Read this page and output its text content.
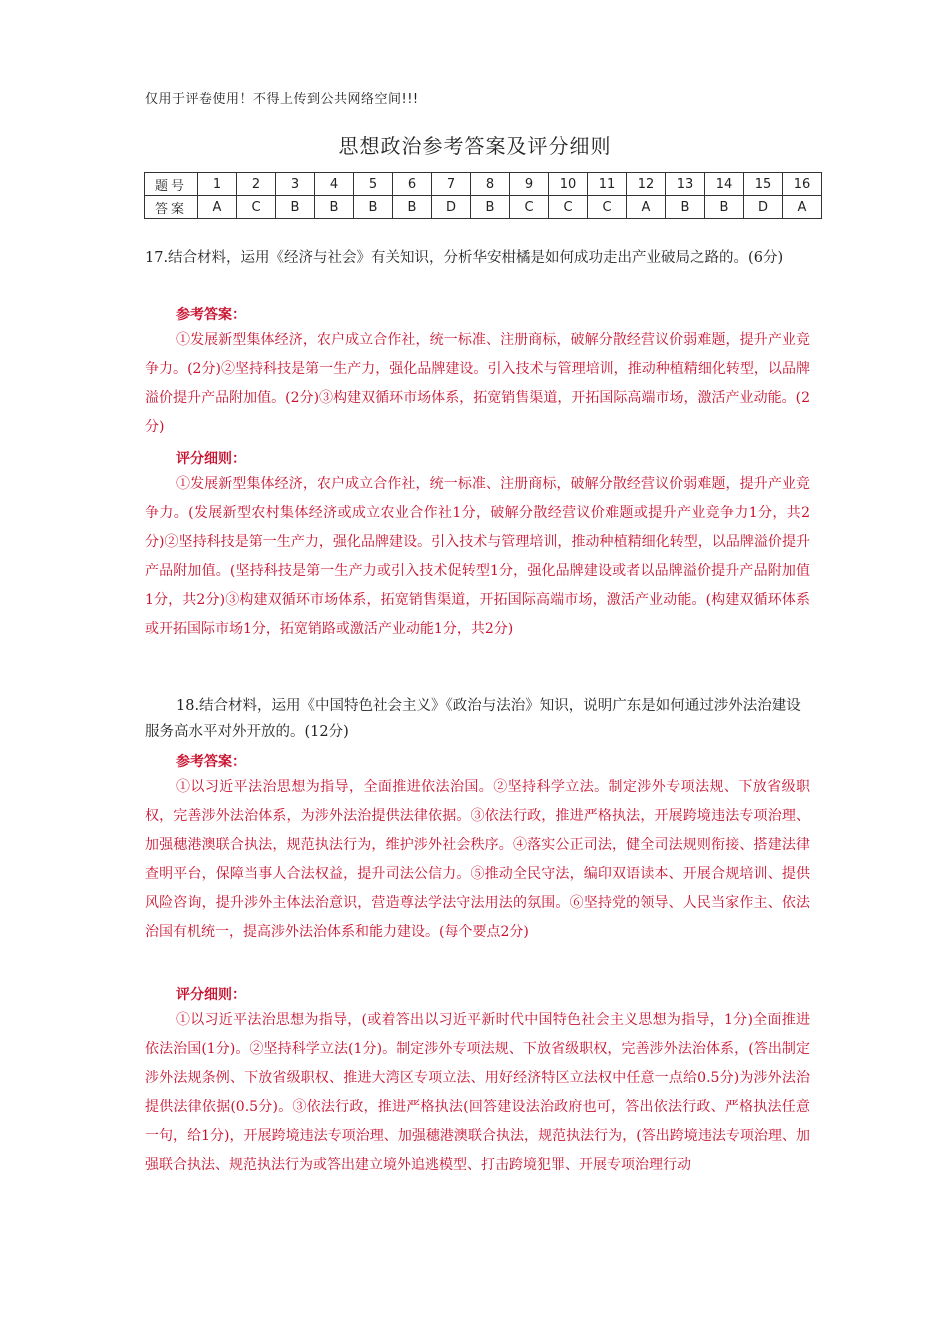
仅用于评卷使用！不得上传到公共网络空间!!!
思想政治参考答案及评分细则
题号	1	2	3	4	5	6	7	8	9	10	11	12	13	14	15	16
答案	A	C	B	B	B	B	D	B	C	C	C	A	B	B	D	A
17.结合材料，运用《经济与社会》有关知识，分析华安柑橘是如何成功走出产业破局之路的。(6分)
参考答案：
①发展新型集体经济，农户成立合作社，统一标准、注册商标，破解分散经营议价弱难题，提升产业竞争力。(2分)②坚持科技是第一生产力，强化品牌建设。引入技术与管理培训，推动种植精细化转型，以品牌溢价提升产品附加值。(2分)③构建双循环市场体系，拓宽销售渠道，开拓国际高端市场，激活产业动能。(2分)
评分细则：
①发展新型集体经济，农户成立合作社，统一标准、注册商标，破解分散经营议价弱难题，提升产业竞争力。(发展新型农村集体经济或成立农业合作社1分，破解分散经营议价难题或提升产业竞争力1分，共2分)②坚持科技是第一生产力，强化品牌建设。引入技术与管理培训，推动种植精细化转型，以品牌溢价提升产品附加值。(坚持科技是第一生产力或引入技术促转型1分，强化品牌建设或者以品牌溢价提升产品附加值1分，共2分)③构建双循环市场体系，拓宽销售渠道，开拓国际高端市场，激活产业动能。(构建双循环体系或开拓国际市场1分，拓宽销路或激活产业动能1分，共2分)
18.结合材料，运用《中国特色社会主义》《政治与法治》知识，说明广东是如何通过涉外法治建设服务高水平对外开放的。(12分)
参考答案：
①以习近平法治思想为指导，全面推进依法治国。②坚持科学立法。制定涉外专项法规、下放省级职权，完善涉外法治体系，为涉外法治提供法律依据。③依法行政，推进严格执法，开展跨境违法专项治理、加强穗港澳联合执法，规范执法行为，维护涉外社会秩序。④落实公正司法，健全司法规则衔接、搭建法律查明平台，保障当事人合法权益，提升司法公信力。⑤推动全民守法，编印双语读本、开展合规培训、提供风险咨询，提升涉外主体法治意识，营造尊法学法守法用法的氛围。⑥坚持党的领导、人民当家作主、依法治国有机统一，提高涉外法治体系和能力建设。(每个要点2分)
评分细则：
①以习近平法治思想为指导，(或着答出以习近平新时代中国特色社会主义思想为指导，1分)全面推进依法治国(1分)。②坚持科学立法(1分)。制定涉外专项法规、下放省级职权，完善涉外法治体系，(答出制定涉外法规条例、下放省级职权、推进大湾区专项立法、用好经济特区立法权中任意一点给0.5分)为涉外法治提供法律依据(0.5分)。③依法行政，推进严格执法(回答建设法治政府也可，答出依法行政、严格执法任意一句，给1分)，开展跨境违法专项治理、加强穗港澳联合执法，规范执法行为，(答出跨境违法专项治理、加强联合执法、规范执法行为或答出建立境外追逃模型、打击跨境犯罪、开展专项治理行动
